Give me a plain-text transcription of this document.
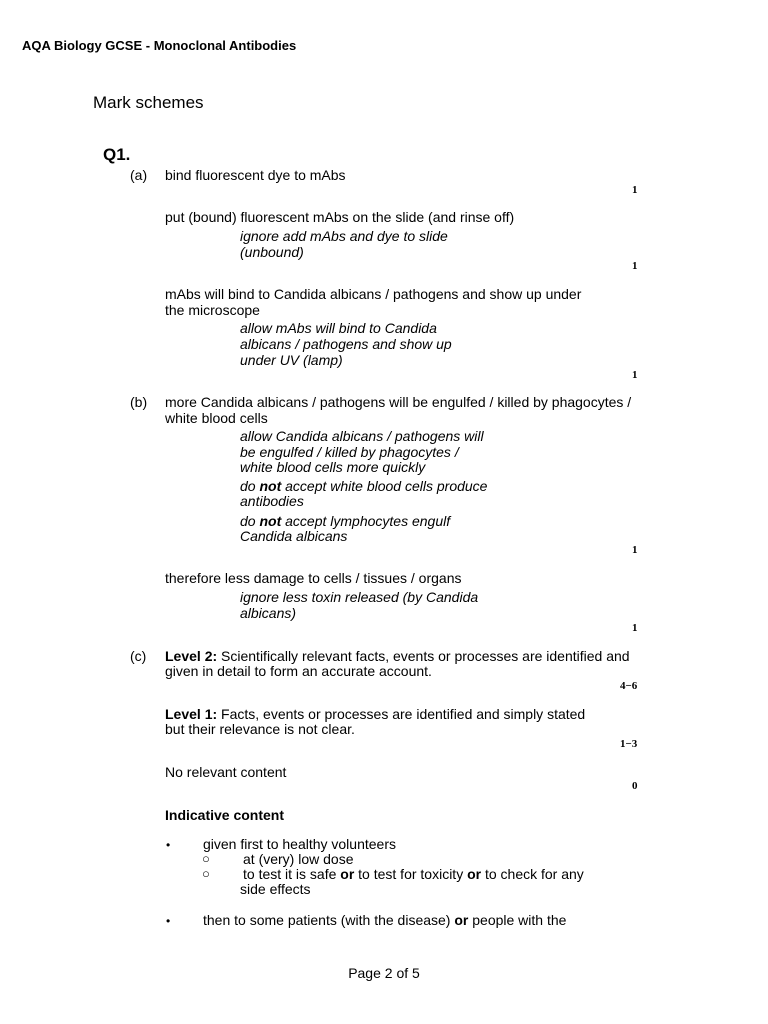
AQA Biology GCSE - Monoclonal Antibodies
Mark schemes
Q1.
(a) bind fluorescent dye to mAbs
1
put (bound) fluorescent mAbs on the slide (and rinse off)
ignore add mAbs and dye to slide
(unbound)
1
mAbs will bind to Candida albicans / pathogens and show up under
the microscope
allow mAbs will bind to Candida
albicans / pathogens and show up
under UV (lamp)
1
(b) more Candida albicans / pathogens will be engulfed / killed by phagocytes /
white blood cells
allow Candida albicans / pathogens will
be engulfed / killed by phagocytes /
white blood cells more quickly
do not accept white blood cells produce
antibodies
do not accept lymphocytes engulf
Candida albicans
1
therefore less damage to cells / tissues / organs
ignore less toxin released (by Candida
albicans)
1
(c) Level 2: Scientifically relevant facts, events or processes are identified and
given in detail to form an accurate account.
4−6
Level 1: Facts, events or processes are identified and simply stated
but their relevance is not clear.
1−3
No relevant content
0
Indicative content
• given first to healthy volunteers
○ at (very) low dose
○ to test it is safe or to test for toxicity or to check for any
side effects
• then to some patients (with the disease) or people with the
Page 2 of 5
